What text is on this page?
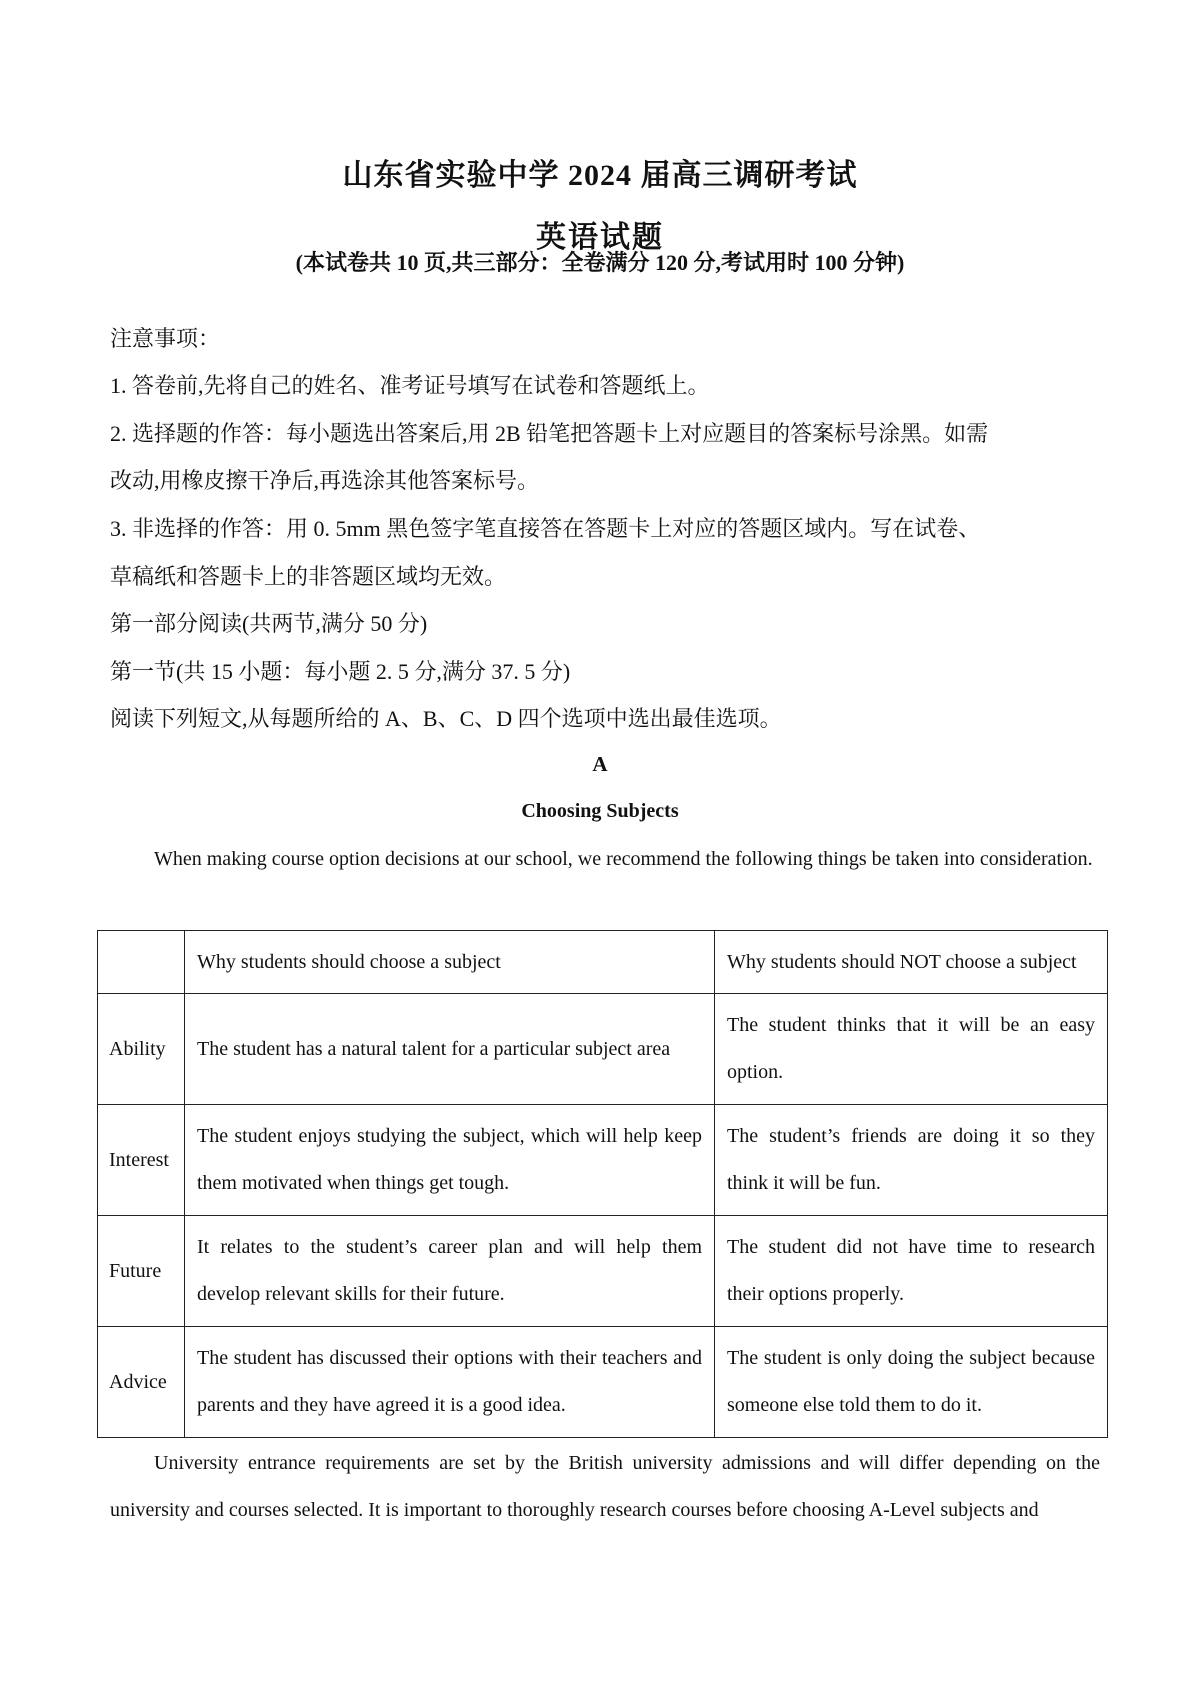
山东省实验中学 2024 届高三调研考试
英语试题
(本试卷共 10 页,共三部分：全卷满分 120 分,考试用时 100 分钟)
注意事项：
1. 答卷前,先将自己的姓名、准考证号填写在试卷和答题纸上。
2. 选择题的作答：每小题选出答案后,用 2B 铅笔把答题卡上对应题目的答案标号涂黑。如需
改动,用橡皮擦干净后,再选涂其他答案标号。
3. 非选择的作答：用 0. 5mm 黑色签字笔直接答在答题卡上对应的答题区域内。写在试卷、
草稿纸和答题卡上的非答题区域均无效。
第一部分阅读(共两节,满分 50 分)
第一节(共 15 小题：每小题 2. 5 分,满分 37. 5 分)
阅读下列短文,从每题所给的 A、B、C、D 四个选项中选出最佳选项。
A
Choosing Subjects
When making course option decisions at our school, we recommend the following things be taken into consideration.
	Why students should choose a subject	Why students should NOT choose a subject
Ability	The student has a natural talent for a particular subject area	The student thinks that it will be an easy option.
Interest	The student enjoys studying the subject, which will help keep them motivated when things get tough.	The student’s friends are doing it so they think it will be fun.
Future	It relates to the student’s career plan and will help them develop relevant skills for their future.	The student did not have time to research their options properly.
Advice	The student has discussed their options with their teachers and parents and they have agreed it is a good idea.	The student is only doing the subject because someone else told them to do it.
University entrance requirements are set by the British university admissions and will differ depending on the university and courses selected. It is important to thoroughly research courses before choosing A-Level subjects and
